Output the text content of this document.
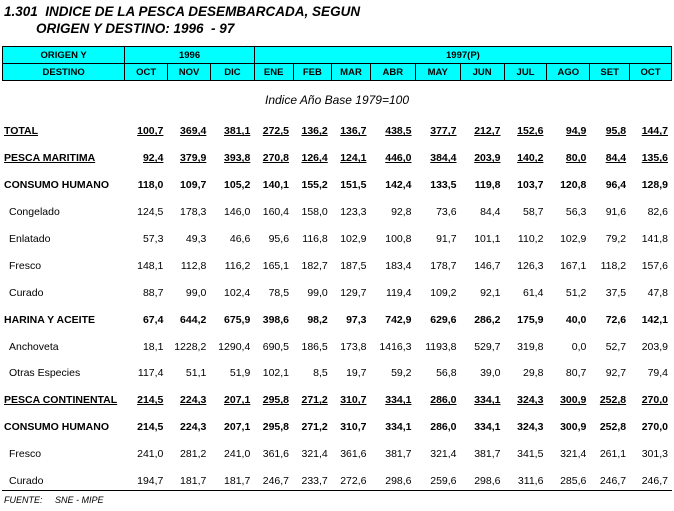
1.301  INDICE DE LA PESCA DESEMBARCADA, SEGUN
ORIGEN Y DESTINO: 1996  - 97
ORIGEN Y	1996			1997(P)									
DESTINO	OCT	NOV	DIC	ENE	FEB	MAR	ABR	MAY	JUN	JUL	AGO	SET	OCT
Indice Año Base 1979=100
TOTAL	100,7	369,4	381,1	272,5	136,2	136,7	438,5	377,7	212,7	152,6	94,9	95,8	144,7
PESCA MARITIMA	92,4	379,9	393,8	270,8	126,4	124,1	446,0	384,4	203,9	140,2	80,0	84,4	135,6
CONSUMO HUMANO	118,0	109,7	105,2	140,1	155,2	151,5	142,4	133,5	119,8	103,7	120,8	96,4	128,9
Congelado	124,5	178,3	146,0	160,4	158,0	123,3	92,8	73,6	84,4	58,7	56,3	91,6	82,6
Enlatado	57,3	49,3	46,6	95,6	116,8	102,9	100,8	91,7	101,1	110,2	102,9	79,2	141,8
Fresco	148,1	112,8	116,2	165,1	182,7	187,5	183,4	178,7	146,7	126,3	167,1	118,2	157,6
Curado	88,7	99,0	102,4	78,5	99,0	129,7	119,4	109,2	92,1	61,4	51,2	37,5	47,8
HARINA Y ACEITE	67,4	644,2	675,9	398,6	98,2	97,3	742,9	629,6	286,2	175,9	40,0	72,6	142,1
Anchoveta	18,1	1228,2	1290,4	690,5	186,5	173,8	1416,3	1193,8	529,7	319,8	0,0	52,7	203,9
Otras Especies	117,4	51,1	51,9	102,1	8,5	19,7	59,2	56,8	39,0	29,8	80,7	92,7	79,4
PESCA CONTINENTAL	214,5	224,3	207,1	295,8	271,2	310,7	334,1	286,0	334,1	324,3	300,9	252,8	270,0
CONSUMO HUMANO	214,5	224,3	207,1	295,8	271,2	310,7	334,1	286,0	334,1	324,3	300,9	252,8	270,0
Fresco	241,0	281,2	241,0	361,6	321,4	361,6	381,7	321,4	381,7	341,5	321,4	261,1	301,3
Curado	194,7	181,7	181,7	246,7	233,7	272,6	298,6	259,6	298,6	311,6	285,6	246,7	246,7
FUENTE:     SNE - MIPE
